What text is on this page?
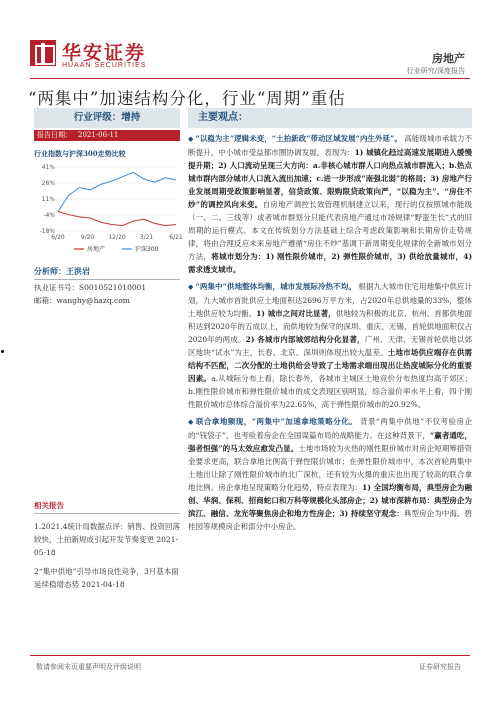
华安证券
HUAAN SECURITIES
房地产
行业研究/深度报告
“两集中”加速结构分化，行业“周期”重估
行业评级：增持
报告日期： 2021-06-11
行业指数与沪深300走势比较
41%
26%
11%
-4%
-18%
6/20	9/20 12/20 3/21	6/21
房地产	沪深300
分析师：王洪岩
执业证书号：S0010521010001
邮箱：wanghy@hazq.com
相关报告
1.2021.4统计局数据点评：销售、投资回落较快，土拍新规或引起开发节奏变更 2021-05-18
2“集中供地”引导市场良性竞争，3月基本面延续稳增态势 2021-04-18
主要观点：
◆ “以稳为主”逻辑未变，“土拍新政”带动区域发展“内生外延”。 高能级城市承载力不断提升，中小城市受益都市圈协调发展，表现为：1) 城镇化趋过高速发展期进入缓慢提升期；2) 人口流动呈现三大方向：a.非核心城市群人口向热点城市群流入；b.热点城市群内部分城市人口流入流出加速；c.进一步形成“南强北弱”的格局；3) 房地产行业发展周期受政策影响显著，信贷政策、限购限贷政策向严，“以稳为主”、“房住不炒”的调控风向未变。自房地产调控长效管理机制建立以来，现行的仅按照城市能级（一、二、三线等）或者城市群划分只能代表房地产通过市场规律“野蛮生长”式的旧周期的运行模式。本文在传统划分方法基础上综合考虑政策影响和长期房价走势规律，将由合理反应未来房地产遵循“房住不炒”基调下新周期变化规律的全新城市划分方法，将城市划分为：1) 刚性限价城市，2) 弹性限价城市，3) 供给放量城市，4) 需求透支城市。
◆ “两集中”供地整体均衡，城市发展际冷热不均。 根据九大城市住宅用地集中供应计划，九大城市首批供应土地面积达2696万平方米，占2020年总供地量的33%，整体土地供应较为均衡。1) 城市之间对比显著，供地较为积极的北京、杭州、首都供地面积达到2020年的五成以上，而供地较为保守的深圳、重庆、无锡，首轮供地面积仅占2020年的两成。2) 各城市内部城郊结构分化显著，广州、天津、无锡首轮供地以郊区地块“试水”为主，长春、北京、深圳则体现出较大温差。土地市场供应端存在供需结构不匹配，二次分配的土地供给会导致了土地需求端出现出让热度城际分化的重要因素。a.从城际分布上看，除长春外，各城市主城区土地竞价分布热度均高于郊区；b.刚性限价城市和弹性限价城市的成交表现区别明显，综合溢价率水平上看，四个刚性限价城市总体综合溢价率为22.65%，高于弹性限价城市的20.92%。
◆ 联合拿地频现，“两集中”加速拿地策略分化。 背景“两集中供地”不仅考验房企的“钱袋子”，也考验着房企在全国谋篇布局的战略能力。在这种背景下，“赢者通吃，强者恒强”的马太效应愈发凸显。土地市场较为火热的刚性限价城市对房企短期筹措资金要求更高，联合拿地比例高于弹性限价城市；在弹性限价城市中，本次首轮两集中土地出让除了刚性限价城市的北广深杭，还有较为火爆的重庆也出现了较高的联合拿地比例。房企拿地呈现策略分化趋势，特点表现为：1) 全国均衡布局，典型房企为融创、华润、保利、招商蛇口和万科等规模化头部房企；2) 城市深耕布局：典型房企为滨江、融信、龙光等聚焦房企和地方性房企；3) 持续坚守观念：典型房企为中海、碧桂园等规模房企和部分中小房企。
敬请参阅末页重要声明及评级说明	证券研究报告
